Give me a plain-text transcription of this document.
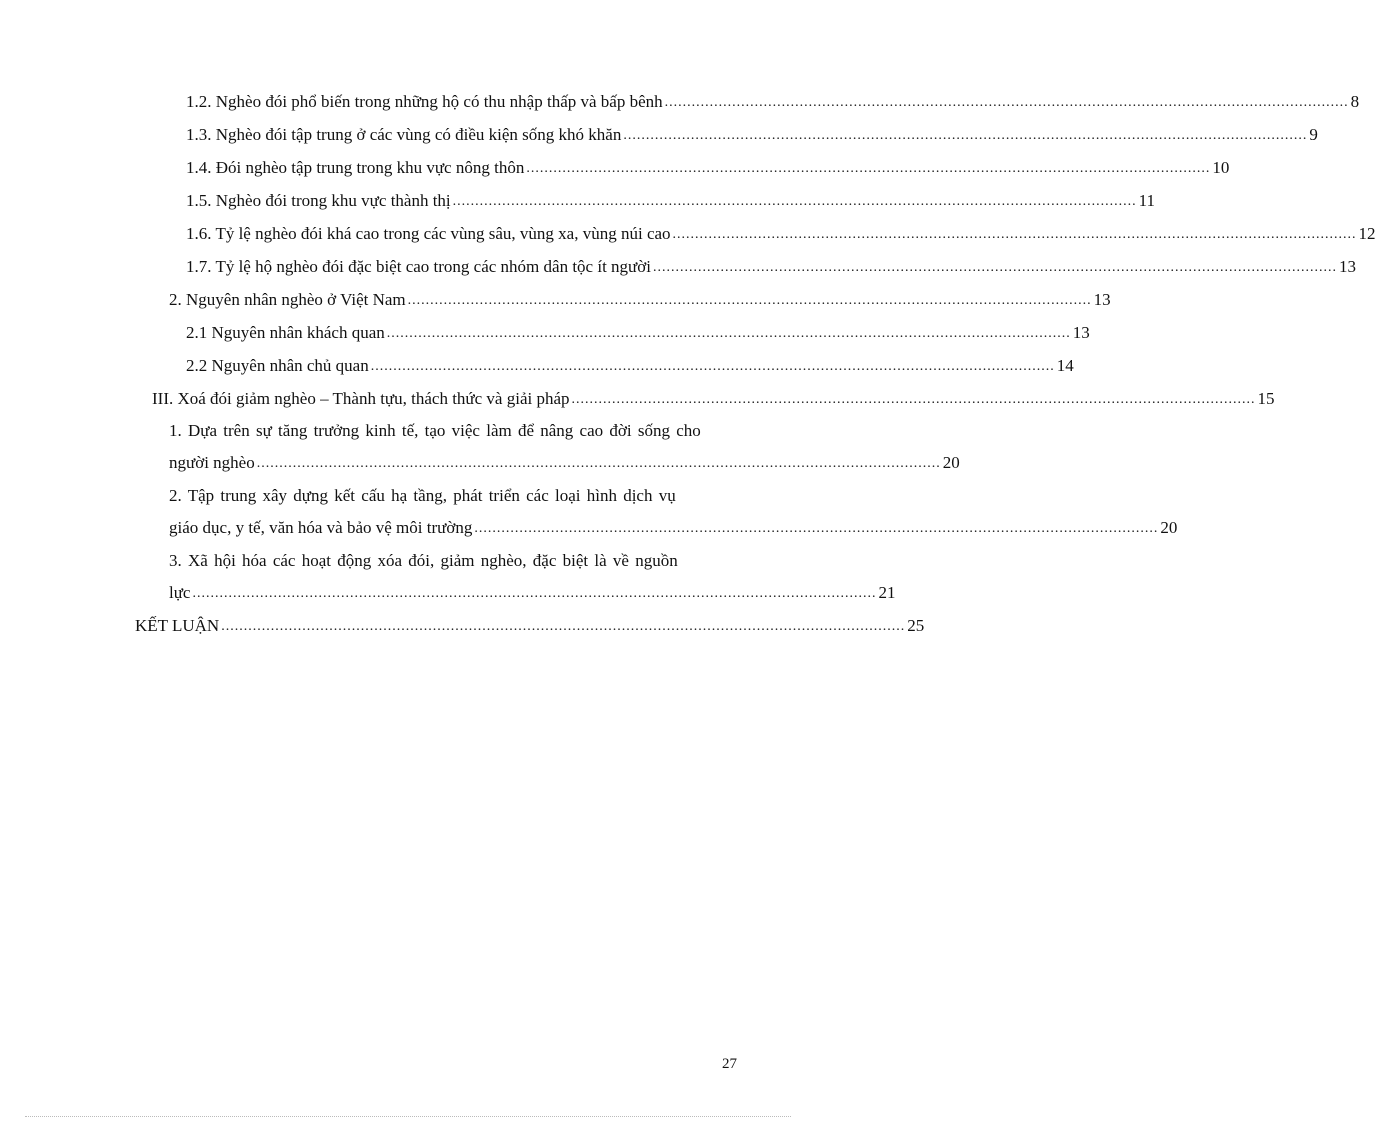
1.2. Nghèo đói phổ biến trong những hộ có thu nhập thấp và bấp bênh ........................................................................................................................................................ 8
1.3. Nghèo đói tập trung ở các vùng có điều kiện sống khó khăn ........................................................................................................................................................ 9
1.4. Đói nghèo tập trung trong khu vực nông thôn ........................................................................................................................................................ 10
1.5. Nghèo đói trong khu vực thành thị ........................................................................................................................................................ 11
1.6. Tỷ lệ nghèo đói khá cao trong các vùng sâu, vùng xa, vùng núi cao ........................................................................................................................................................ 12
1.7. Tỷ lệ hộ nghèo đói đặc biệt cao trong các nhóm dân tộc ít người ........................................................................................................................................................ 13
2. Nguyên nhân nghèo ở Việt Nam ........................................................................................................................................................ 13
2.1 Nguyên nhân khách quan ........................................................................................................................................................ 13
2.2 Nguyên nhân chủ quan ........................................................................................................................................................ 14
III. Xoá đói giảm nghèo – Thành tựu, thách thức và giải pháp ........................................................................................................................................................ 15
1. Dựa trên sự tăng trưởng kinh tế, tạo việc làm để nâng cao đời sống cho
người nghèo ........................................................................................................................................................ 20
2. Tập trung xây dựng kết cấu hạ tầng, phát triển các loại hình dịch vụ
giáo dục, y tế, văn hóa và bảo vệ môi trường ........................................................................................................................................................ 20
3. Xã hội hóa các hoạt động xóa đói, giảm nghèo, đặc biệt là về nguồn
lực ........................................................................................................................................................ 21
KẾT LUẬN ........................................................................................................................................................ 25
27
